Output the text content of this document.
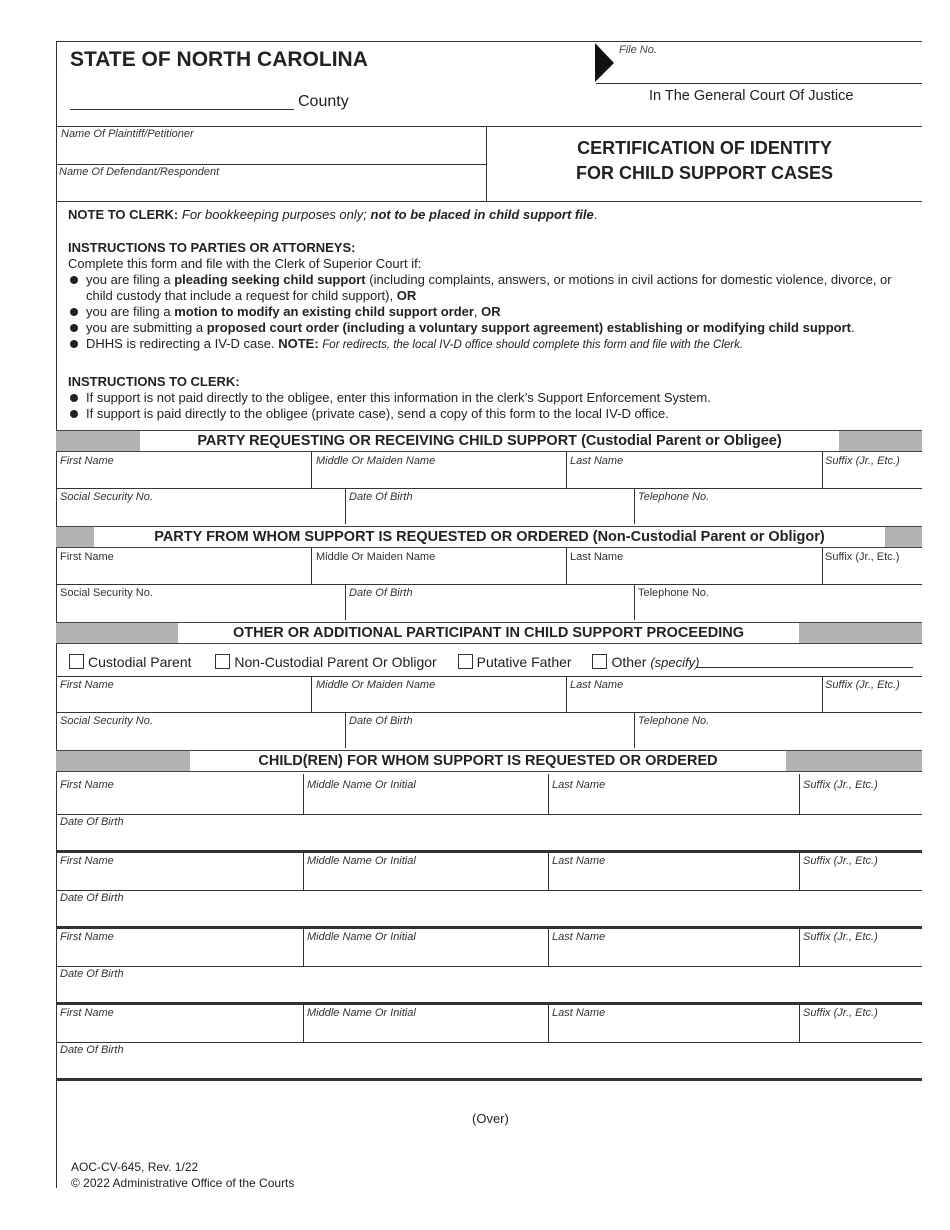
STATE OF NORTH CAROLINA
County
File No.
In The General Court Of Justice
Name Of Plaintiff/Petitioner
Name Of Defendant/Respondent
CERTIFICATION OF IDENTITY
FOR CHILD SUPPORT CASES
NOTE TO CLERK: For bookkeeping purposes only; not to be placed in child support file.
INSTRUCTIONS TO PARTIES OR ATTORNEYS:
Complete this form and file with the Clerk of Superior Court if:
you are filing a pleading seeking child support (including complaints, answers, or motions in civil actions for domestic violence, divorce, or child custody that include a request for child support), OR
you are filing a motion to modify an existing child support order, OR
you are submitting a proposed court order (including a voluntary support agreement) establishing or modifying child support.
DHHS is redirecting a IV-D case. NOTE: For redirects, the local IV-D office should complete this form and file with the Clerk.
INSTRUCTIONS TO CLERK:
If support is not paid directly to the obligee, enter this information in the clerk’s Support Enforcement System.
If support is paid directly to the obligee (private case), send a copy of this form to the local IV-D office.
PARTY REQUESTING OR RECEIVING CHILD SUPPORT (Custodial Parent or Obligee)
First Name	Middle Or Maiden Name	Last Name	Suffix (Jr., Etc.)
Social Security No.	Date Of Birth	Telephone No.
PARTY FROM WHOM SUPPORT IS REQUESTED OR ORDERED (Non-Custodial Parent or Obligor)
First Name	Middle Or Maiden Name	Last Name	Suffix (Jr., Etc.)
Social Security No.	Date Of Birth	Telephone No.
OTHER OR ADDITIONAL PARTICIPANT IN CHILD SUPPORT PROCEEDING
Custodial Parent	Non-Custodial Parent Or Obligor	Putative Father	Other (specify)
First Name	Middle Or Maiden Name	Last Name	Suffix (Jr., Etc.)
Social Security No.	Date Of Birth	Telephone No.
CHILD(REN) FOR WHOM SUPPORT IS REQUESTED OR ORDERED
First Name	Middle Name Or Initial	Last Name	Suffix (Jr., Etc.)
Date Of Birth
First Name	Middle Name Or Initial	Last Name	Suffix (Jr., Etc.)
Date Of Birth
First Name	Middle Name Or Initial	Last Name	Suffix (Jr., Etc.)
Date Of Birth
First Name	Middle Name Or Initial	Last Name	Suffix (Jr., Etc.)
Date Of Birth
(Over)
AOC-CV-645, Rev. 1/22
© 2022 Administrative Office of the Courts
